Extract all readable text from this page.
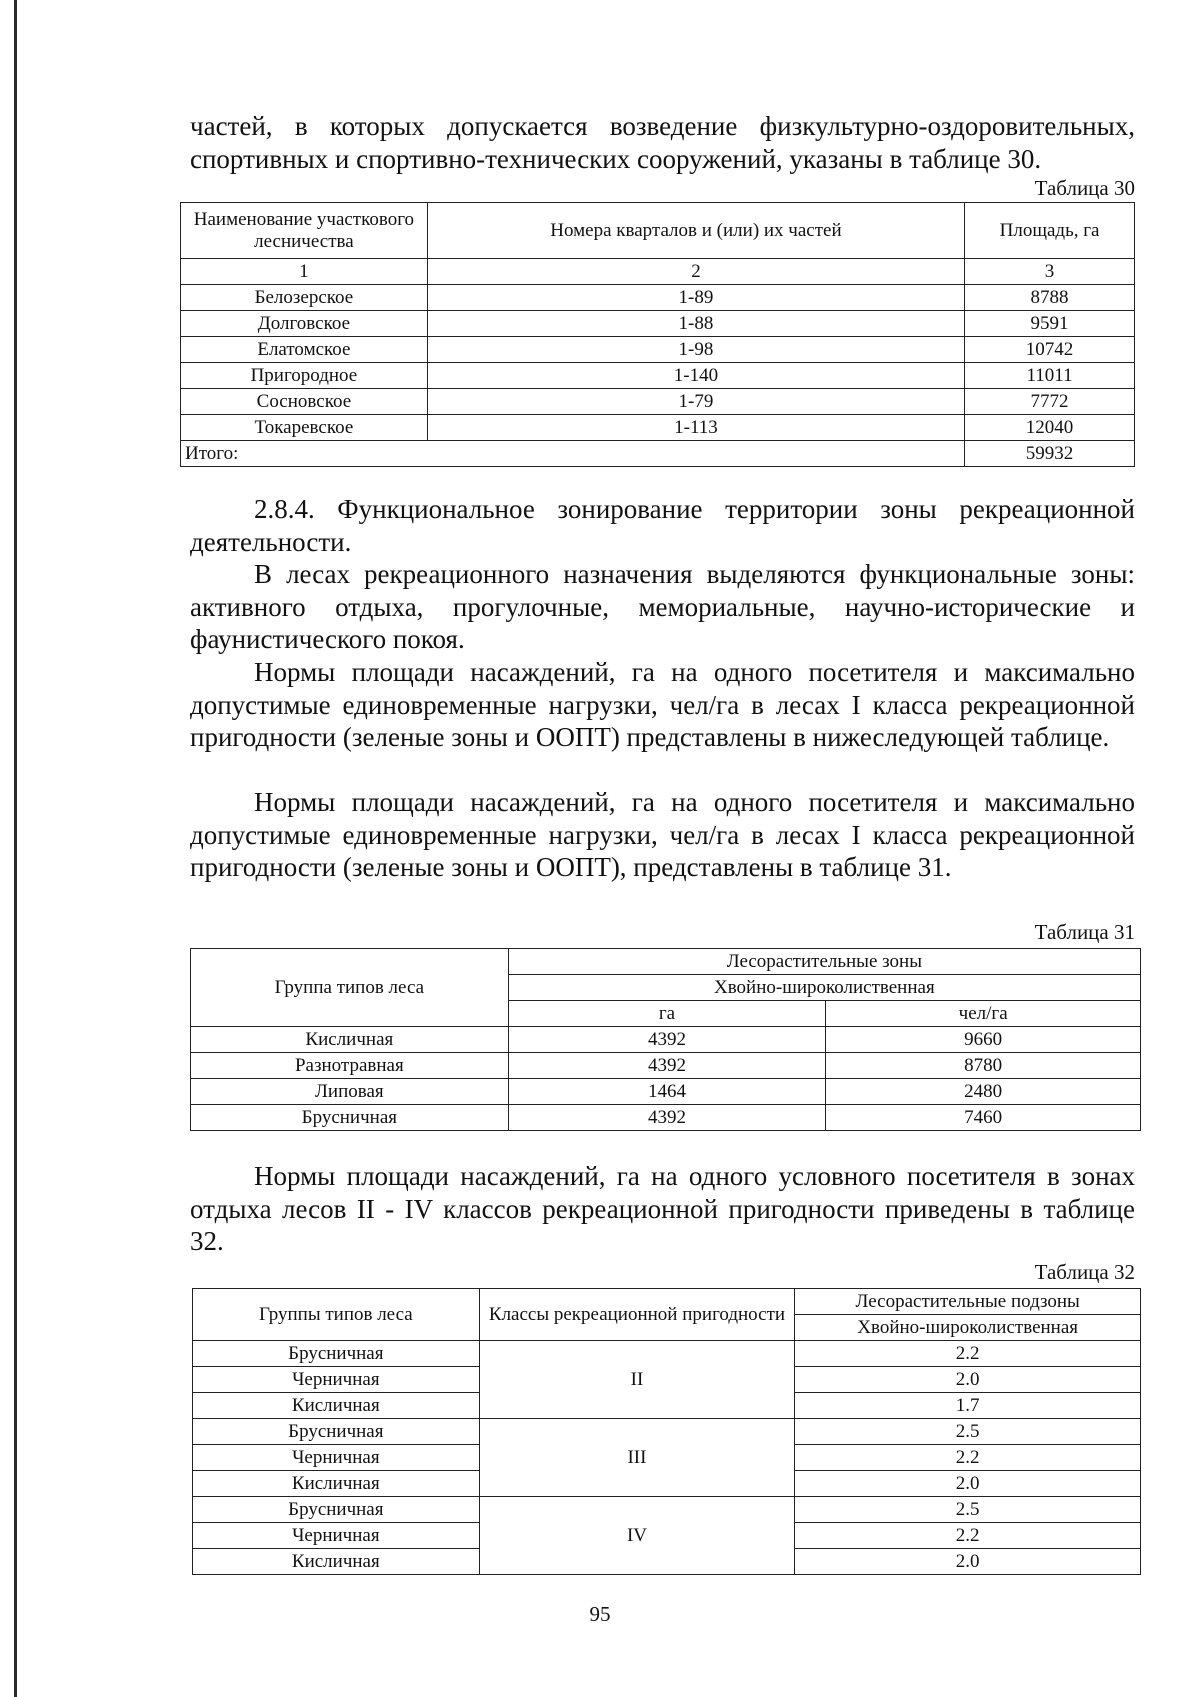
частей, в которых допускается возведение физкультурно-оздоровительных, спортивных и спортивно-технических сооружений, указаны в таблице 30.

Таблица 30

Наименование участкового лесничества	Номера кварталов и (или) их частей	Площадь, га
1	2	3
Белозерское	1-89	8788
Долговское	1-88	9591
Елатомское	1-98	10742
Пригородное	1-140	11011
Сосновское	1-79	7772
Токаревское	1-113	12040
Итого:		59932

2.8.4. Функциональное зонирование территории зоны рекреационной деятельности.

В лесах рекреационного назначения выделяются функциональные зоны: активного отдыха, прогулочные, мемориальные, научно-исторические и фаунистического покоя.

Нормы площади насаждений, га на одного посетителя и максимально допустимые единовременные нагрузки, чел/га в лесах I класса рекреационной пригодности (зеленые зоны и ООПТ) представлены в нижеследующей таблице.

Нормы площади насаждений, га на одного посетителя и максимально допустимые единовременные нагрузки, чел/га в лесах I класса рекреационной пригодности (зеленые зоны и ООПТ), представлены в таблице 31.

Таблица 31

Группа типов леса	Лесорастительные зоны	
	Хвойно-широколиственная	
	га	чел/га
Кисличная	4392	9660
Разнотравная	4392	8780
Липовая	1464	2480
Брусничная	4392	7460

Нормы площади насаждений, га на одного условного посетителя в зонах отдыха лесов II - IV классов рекреационной пригодности приведены в таблице 32.

Таблица 32

Группы типов леса	Классы рекреационной пригодности	Лесорастительные подзоны
		Хвойно-широколиственная
Брусничная	II	2.2
Черничная		2.0
Кисличная		1.7
Брусничная	III	2.5
Черничная		2.2
Кисличная		2.0
Брусничная	IV	2.5
Черничная		2.2
Кисличная		2.0
95
